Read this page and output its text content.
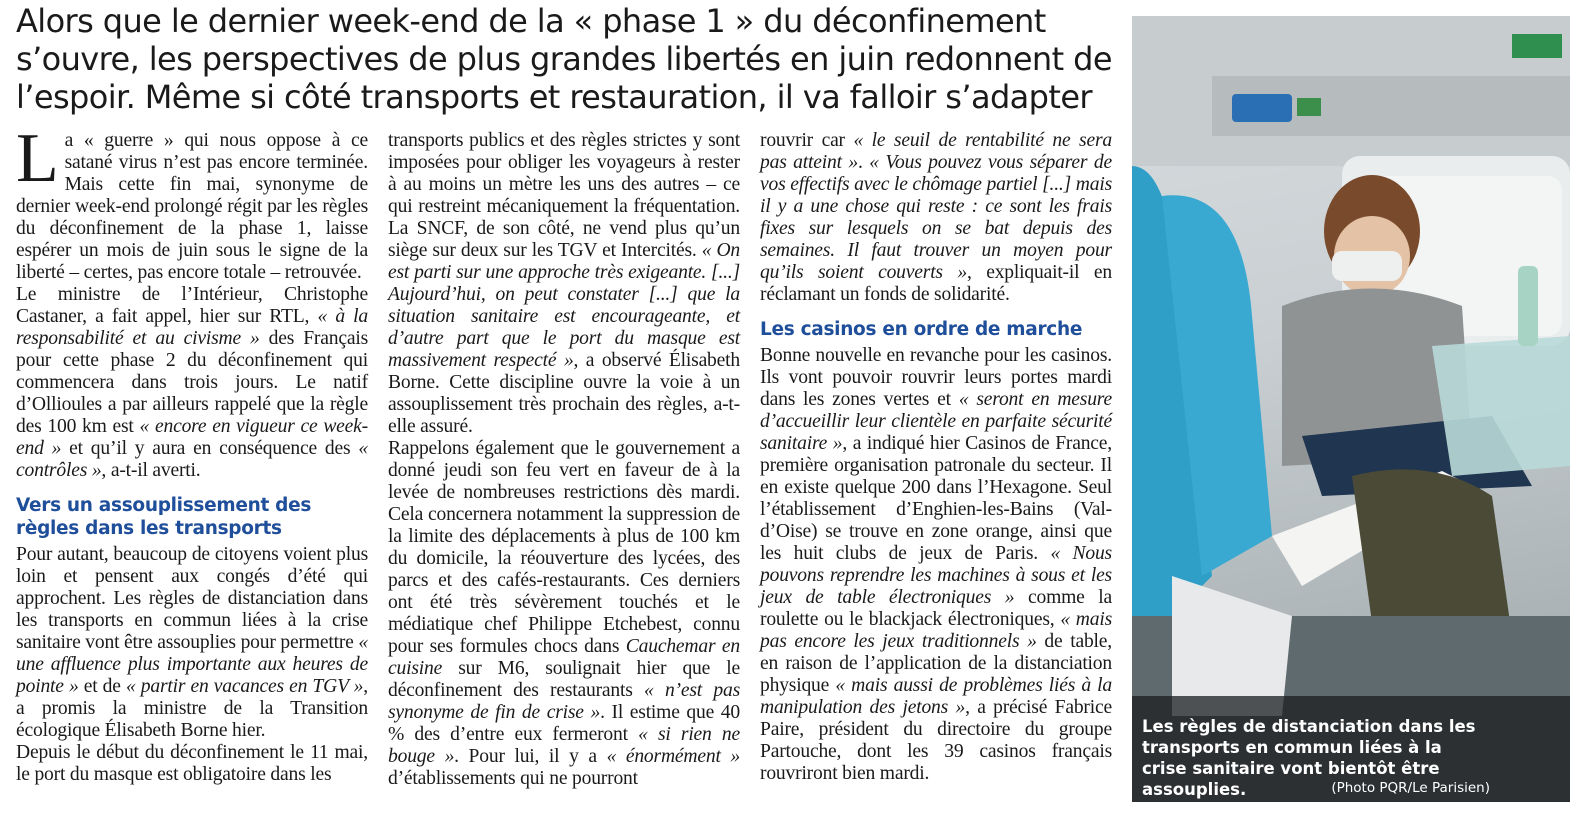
Alors que le dernier week-end de la « phase 1 » du déconfinement s’ouvre, les perspectives de plus grandes libertés en juin redonnent de l’espoir. Même si côté transports et restauration, il va falloir s’adapter

La « guerre » qui nous oppose à ce satané virus n’est pas encore terminée. Mais cette fin mai, synonyme de dernier week-end prolongé régit par les règles du déconfinement de la phase 1, laisse espérer un mois de juin sous le signe de la liberté – certes, pas encore totale – retrouvée.

Le ministre de l’Intérieur, Christophe Castaner, a fait appel, hier sur RTL, « à la responsabilité et au civisme » des Français pour cette phase 2 du déconfinement qui commencera dans trois jours. Le natif d’Ollioules a par ailleurs rappelé que la règle des 100 km est « encore en vigueur ce week-end » et qu’il y aura en conséquence des « contrôles », a-t-il averti.

Vers un assouplissement des règles dans les transports

Pour autant, beaucoup de citoyens voient plus loin et pensent aux congés d’été qui approchent. Les règles de distanciation dans les transports en commun liées à la crise sanitaire vont être assouplies pour permettre « une affluence plus importante aux heures de pointe » et de « partir en vacances en TGV », a promis la ministre de la Transition écologique Élisabeth Borne hier.

Depuis le début du déconfinement le 11 mai, le port du masque est obligatoire dans les

transports publics et des règles strictes y sont imposées pour obliger les voyageurs à rester à au moins un mètre les uns des autres – ce qui restreint mécaniquement la fréquentation. La SNCF, de son côté, ne vend plus qu’un siège sur deux sur les TGV et Intercités. « On est parti sur une approche très exigeante. [...] Aujourd’hui, on peut constater [...] que la situation sanitaire est encourageante, et d’autre part que le port du masque est massivement respecté », a observé Élisabeth Borne. Cette discipline ouvre la voie à un assouplissement très prochain des règles, a-t-elle assuré.

Rappelons également que le gouvernement a donné jeudi son feu vert en faveur de à la levée de nombreuses restrictions dès mardi. Cela concernera notamment la suppression de la limite des déplacements à plus de 100 km du domicile, la réouverture des lycées, des parcs et des cafés-restaurants. Ces derniers ont été très sévèrement touchés et le médiatique chef Philippe Etchebest, connu pour ses formules chocs dans Cauchemar en cuisine sur M6, soulignait hier que le déconfinement des restaurants « n’est pas synonyme de fin de crise ». Il estime que 40 % des d’entre eux fermeront « si rien ne bouge ». Pour lui, il y a « énormément » d’établissements qui ne pourront

rouvrir car « le seuil de rentabilité ne sera pas atteint ». « Vous pouvez vous séparer de vos effectifs avec le chômage partiel [...] mais il y a une chose qui reste : ce sont les frais fixes sur lesquels on se bat depuis des semaines. Il faut trouver un moyen pour qu’ils soient couverts », expliquait-il en réclamant un fonds de solidarité.

Les casinos en ordre de marche

Bonne nouvelle en revanche pour les casinos. Ils vont pouvoir rouvrir leurs portes mardi dans les zones vertes et « seront en mesure d’accueillir leur clientèle en parfaite sécurité sanitaire », a indiqué hier Casinos de France, première organisation patronale du secteur. Il en existe quelque 200 dans l’Hexagone. Seul l’établissement d’Enghien-les-Bains (Val-d’Oise) se trouve en zone orange, ainsi que les huit clubs de jeux de Paris. « Nous pouvons reprendre les machines à sous et les jeux de table électroniques » comme la roulette ou le blackjack électroniques, « mais pas encore les jeux traditionnels » de table, en raison de l’application de la distanciation physique « mais aussi de problèmes liés à la manipulation des jetons », a précisé Fabrice Paire, président du directoire du groupe Partouche, dont les 39 casinos français rouvriront bien mardi.

Les règles de distanciation dans les transports en commun liées à la crise sanitaire vont bientôt être assouplies.	(Photo PQR/Le Parisien)
